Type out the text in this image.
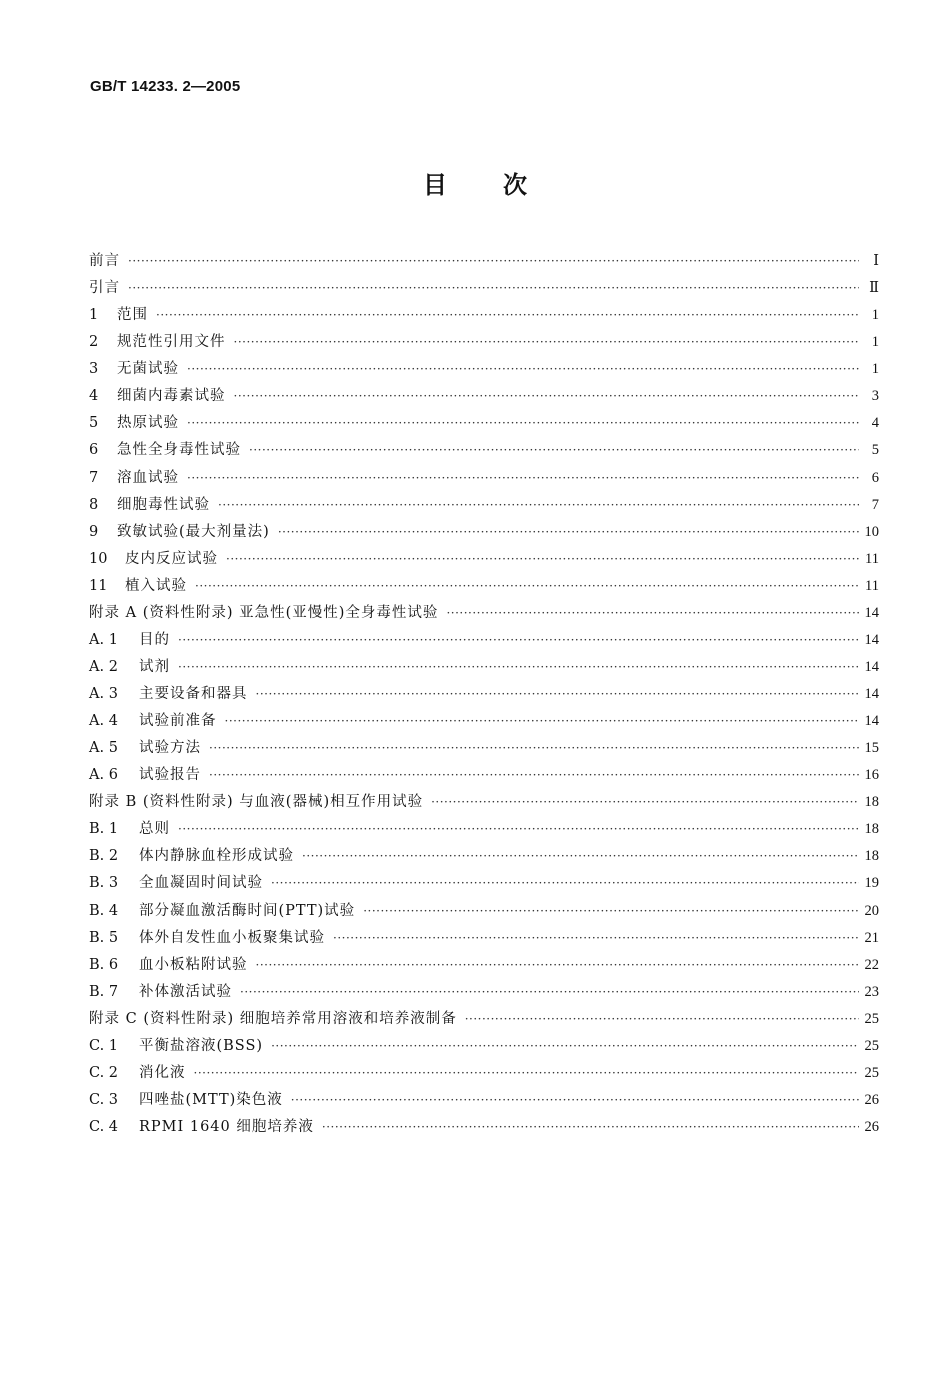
GB/T 14233. 2—2005
目次
前言 ·····	Ⅰ
引言 ·····	Ⅱ
1	范围 ·····	1
2	规范性引用文件 ·····	1
3	无菌试验 ·····	1
4	细菌内毒素试验 ·····	3
5	热原试验 ·····	4
6	急性全身毒性试验 ·····	5
7	溶血试验 ·····	6
8	细胞毒性试验 ·····	7
9	致敏试验(最大剂量法) ·····	10
10	皮内反应试验 ·····	11
11	植入试验 ·····	11
附录 A (资料性附录) 亚急性(亚慢性)全身毒性试验 ·····	14
A. 1	目的 ·····	14
A. 2	试剂 ·····	14
A. 3	主要设备和器具 ·····	14
A. 4	试验前准备 ·····	14
A. 5	试验方法 ·····	15
A. 6	试验报告 ·····	16
附录 B (资料性附录) 与血液(器械)相互作用试验 ·····	18
B. 1	总则 ·····	18
B. 2	体内静脉血栓形成试验 ·····	18
B. 3	全血凝固时间试验 ·····	19
B. 4	部分凝血激活酶时间(PTT)试验 ·····	20
B. 5	体外自发性血小板聚集试验 ·····	21
B. 6	血小板粘附试验 ·····	22
B. 7	补体激活试验 ·····	23
附录 C (资料性附录) 细胞培养常用溶液和培养液制备 ·····	25
C. 1	平衡盐溶液(BSS) ·····	25
C. 2	消化液 ·····	25
C. 3	四唑盐(MTT)染色液 ·····	26
C. 4	RPMI 1640 细胞培养液 ·····	26
